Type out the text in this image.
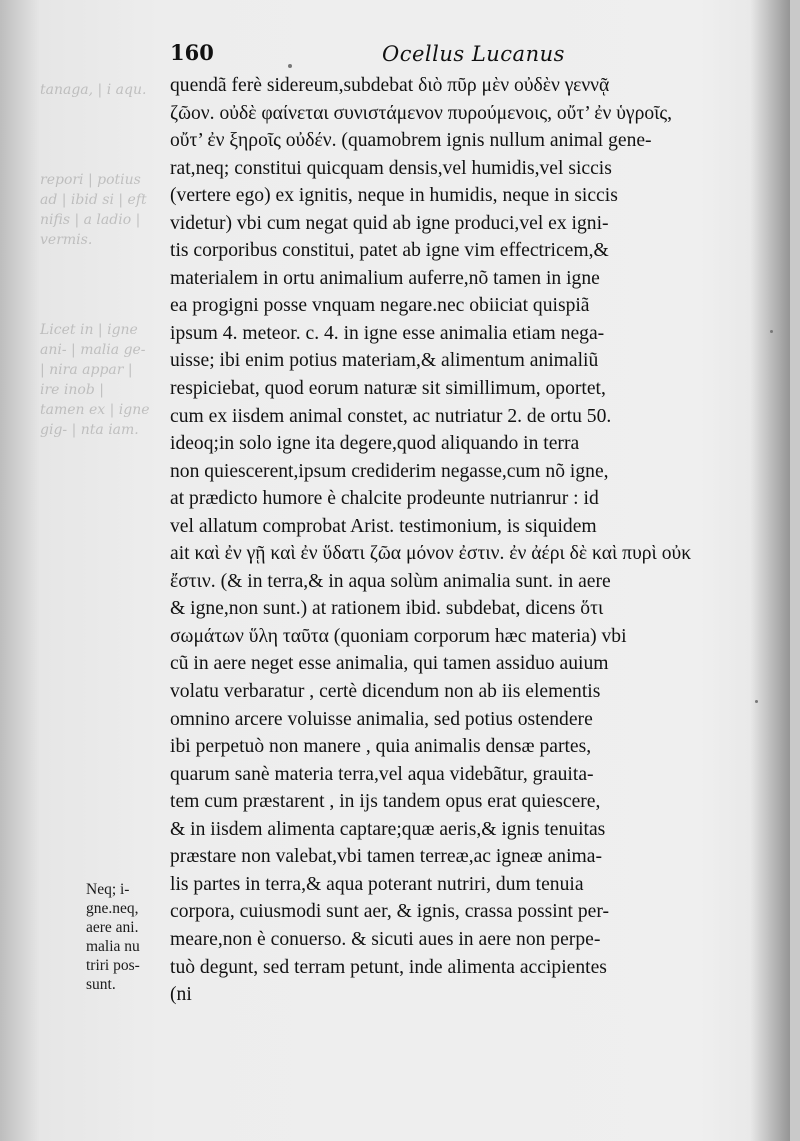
tanaga, | i aqu.
repori | potius ad | ibid si | eft nifis | a ladio | vermis.
Licet in | igne ani- | malia ge- | nira appar | ire inob | tamen ex | igne gig- | nta iam.
160	Ocellus Lucanus
quendã ferè sidereum,subdebat διὸ πῦρ μὲν οὐδὲν γεννᾷ
ζῶον. οὐδὲ φαίνεται συνιστάμενον πυρούμενοις, οὔτ’ ἐν ὑγροῖς,
οὔτ’ ἐν ξηροῖς οὐδέν. (quamobrem ignis nullum animal gene-
rat,neq; constitui quicquam densis,vel humidis,vel siccis
(vertere ego) ex ignitis, neque in humidis, neque in siccis
videtur) vbi cum negat quid ab igne produci,vel ex igni-
tis corporibus constitui, patet ab igne vim effectricem,&
materialem in ortu animalium auferre,nõ tamen in igne
ea progigni posse vnquam negare.nec obiiciat quispiã
ipsum 4. meteor. c. 4. in igne esse animalia etiam nega-
uisse; ibi enim potius materiam,& alimentum animaliũ
respiciebat, quod eorum naturæ sit simillimum, oportet,
cum ex iisdem animal constet, ac nutriatur 2. de ortu 50.
ideoq;in solo igne ita degere,quod aliquando in terra
non quiescerent,ipsum crediderim negasse,cum nõ igne,
at prædicto humore è chalcite prodeunte nutrianrur : id
vel allatum comprobat Arist. testimonium, is siquidem
ait καὶ ἐν γῇ καὶ ἐν ὕδατι ζῶα μόνον ἐστιν. ἐν ἀέρι δὲ καὶ πυρὶ οὐκ
ἔστιν. (& in terra,& in aqua solùm animalia sunt. in aere
& igne,non sunt.) at rationem ibid. subdebat, dicens ὅτι
σωμάτων ὕλη ταῦτα (quoniam corporum hæc materia) vbi
cũ in aere neget esse animalia, qui tamen assiduo auium
volatu verbaratur , certè dicendum non ab iis elementis
omnino arcere voluisse animalia, sed potius ostendere
ibi perpetuò non manere , quia animalis densæ partes,
quarum sanè materia terra,vel aqua videbãtur, grauita-
tem cum præstarent , in ijs tandem opus erat quiescere,
& in iisdem alimenta captare;quæ aeris,& ignis tenuitas
præstare non valebat,vbi tamen terreæ,ac igneæ anima-
lis partes in terra,& aqua poterant nutriri, dum tenuia
corpora, cuiusmodi sunt aer, & ignis, crassa possint per-
meare,non è conuerso. & sicuti aues in aere non perpe-
tuò degunt, sed terram petunt, inde alimenta accipientes
(ni
Neq; i-
gne.neq,
aere ani.
malia nu
triri pos-
sunt.
